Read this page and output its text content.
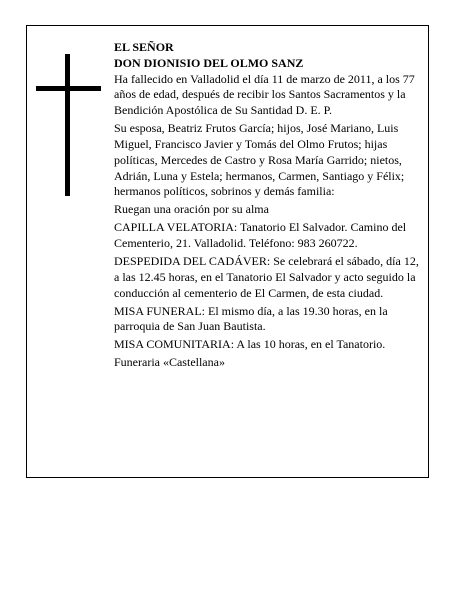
EL SEÑOR

DON DIONISIO DEL OLMO SANZ

Ha fallecido en Valladolid el día 11 de marzo de 2011, a los 77 años de edad, después de recibir los Santos Sacramentos y la Bendición Apostólica de Su Santidad D. E. P.

Su esposa, Beatriz Frutos García; hijos, José Mariano, Luis Miguel, Francisco Javier y Tomás del Olmo Frutos; hijas políticas, Mercedes de Castro y Rosa María Garrido; nietos, Adrián, Luna y Estela; hermanos, Carmen, Santiago y Félix; hermanos políticos, sobrinos y demás familia:

Ruegan una oración por su alma

CAPILLA VELATORIA: Tanatorio El Salvador. Camino del Cementerio, 21. Valladolid. Teléfono: 983 260722.

DESPEDIDA DEL CADÁVER: Se celebrará el sábado, día 12, a las 12.45 horas, en el Tanatorio El Salvador y acto seguido la conducción al cementerio de El Carmen, de esta ciudad.

MISA FUNERAL: El mismo día, a las 19.30 horas, en la parroquia de San Juan Bautista.

MISA COMUNITARIA: A las 10 horas, en el Tanatorio.

Funeraria «Castellana»
